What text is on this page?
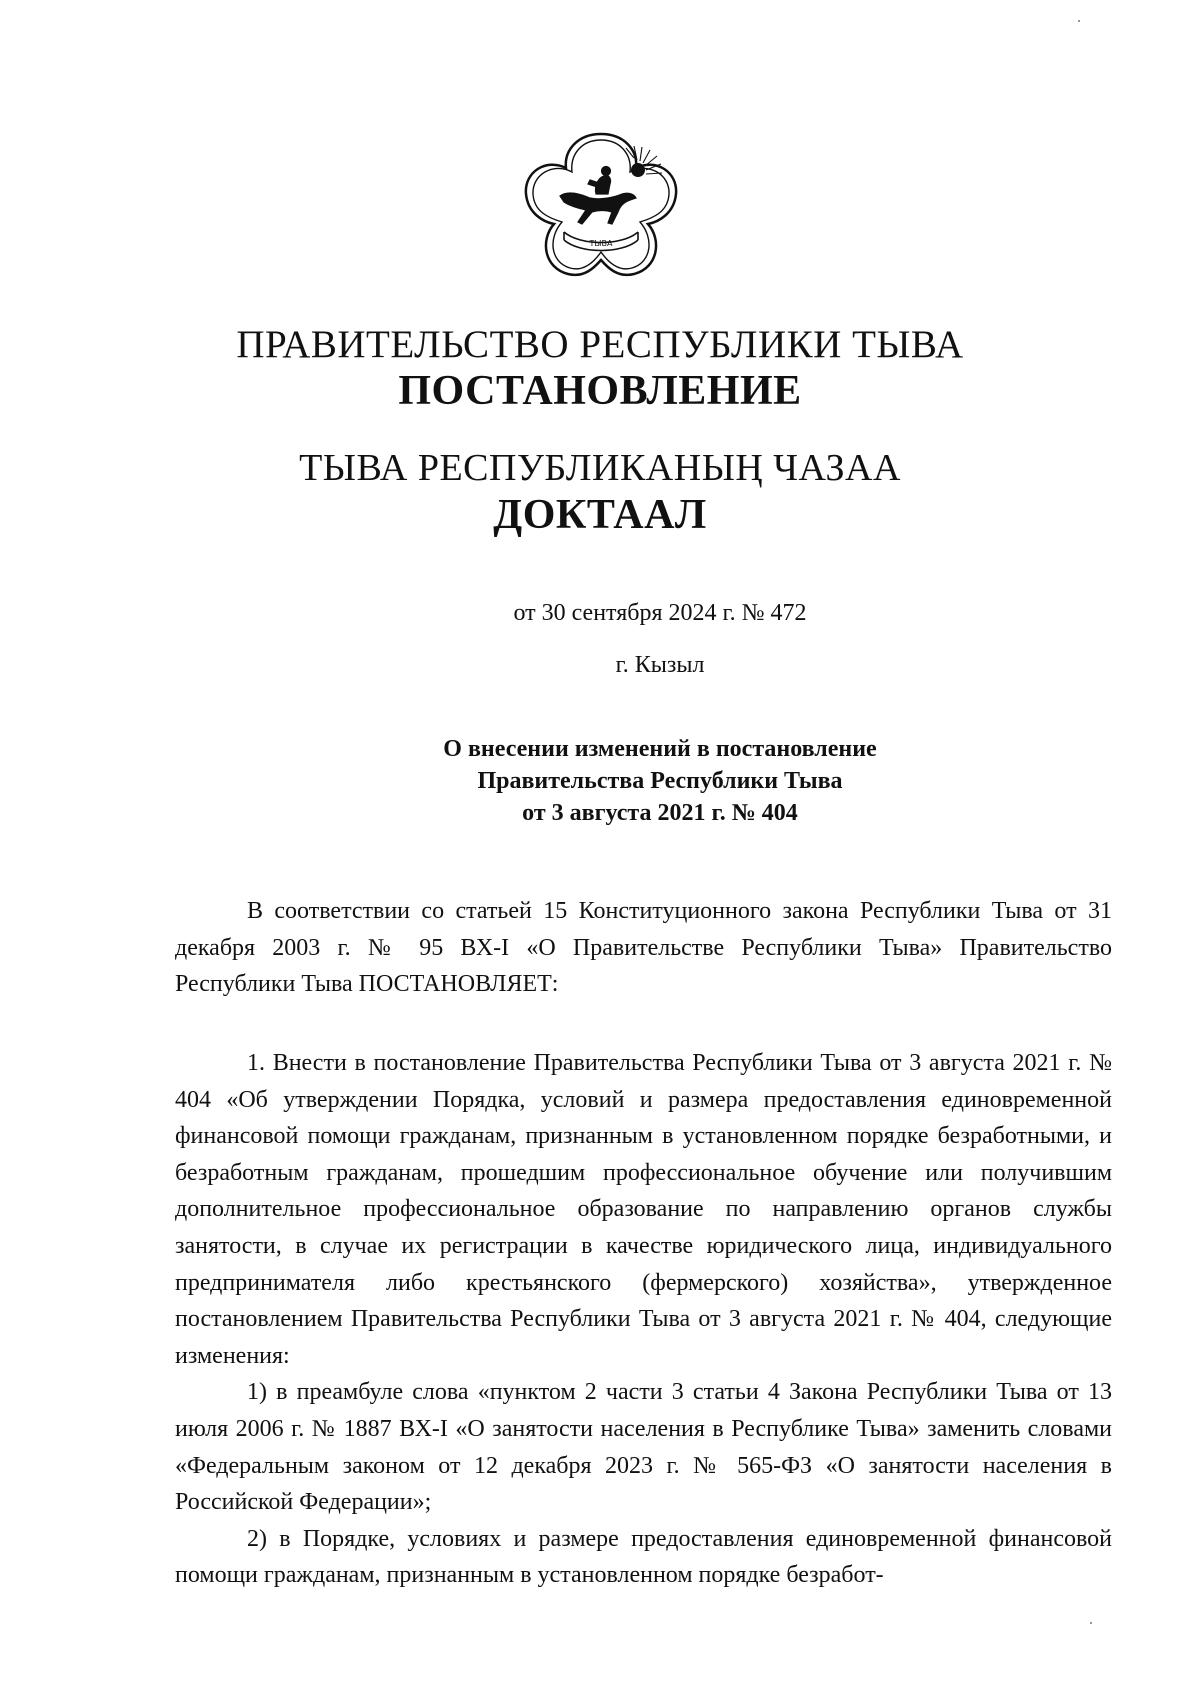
ТЫВА
ПРАВИТЕЛЬСТВО РЕСПУБЛИКИ ТЫВА
ПОСТАНОВЛЕНИЕ
ТЫВА РЕСПУБЛИКАНЫҢ ЧАЗАА
ДОКТААЛ
от 30 сентября 2024 г. № 472
г. Кызыл
О внесении изменений в постановление
Правительства Республики Тыва
от 3 августа 2021 г. № 404

В соответствии со статьей 15 Конституционного закона Республики Тыва от 31 декабря 2003 г. № 95 ВХ-I «О Правительстве Республики Тыва» Правительство Республики Тыва ПОСТАНОВЛЯЕТ:

1. Внести в постановление Правительства Республики Тыва от 3 августа 2021 г. № 404 «Об утверждении Порядка, условий и размера предоставления единовременной финансовой помощи гражданам, признанным в установленном порядке безработными, и безработным гражданам, прошедшим профессиональное обучение или получившим дополнительное профессиональное образование по направлению органов службы занятости, в случае их регистрации в качестве юридического лица, индивидуального предпринимателя либо крестьянского (фермерского) хозяйства», утвержденное постановлением Правительства Республики Тыва от 3 августа 2021 г. № 404, следующие изменения:

1) в преамбуле слова «пунктом 2 части 3 статьи 4 Закона Республики Тыва от 13 июля 2006 г. № 1887 ВХ-I «О занятости населения в Республике Тыва» заменить словами «Федеральным законом от 12 декабря 2023 г. № 565-ФЗ «О занятости населения в Российской Федерации»;

2) в Порядке, условиях и размере предоставления единовременной финансовой помощи гражданам, признанным в установленном порядке безработ-
